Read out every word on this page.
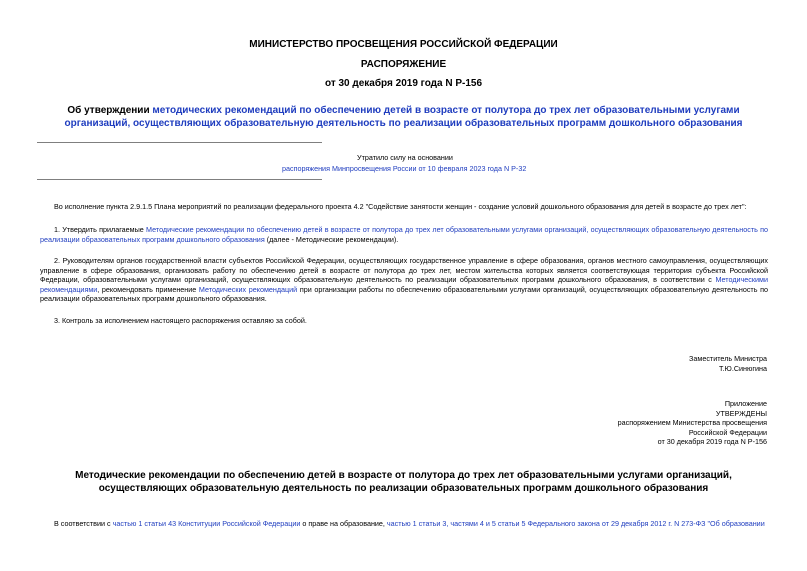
МИНИСТЕРСТВО ПРОСВЕЩЕНИЯ РОССИЙСКОЙ ФЕДЕРАЦИИ
РАСПОРЯЖЕНИЕ
от 30 декабря 2019 года N Р-156
Об утверждении методических рекомендаций по обеспечению детей в возрасте от полутора до трех лет образовательными услугами организаций, осуществляющих образовательную деятельность по реализации образовательных программ дошкольного образования
Утратило силу на основании
распоряжения Минпросвещения России от 10 февраля 2023 года N Р-32

Во исполнение пункта 2.9.1.5 Плана мероприятий по реализации федерального проекта 4.2 "Содействие занятости женщин - создание условий дошкольного образования для детей в возрасте до трех лет":

1. Утвердить прилагаемые Методические рекомендации по обеспечению детей в возрасте от полутора до трех лет образовательными услугами организаций, осуществляющих образовательную деятельность по реализации образовательных программ дошкольного образования (далее - Методические рекомендации).

2. Руководителям органов государственной власти субъектов Российской Федерации, осуществляющих государственное управление в сфере образования, органов местного самоуправления, осуществляющих управление в сфере образования, организовать работу по обеспечению детей в возрасте от полутора до трех лет, местом жительства которых является соответствующая территория субъекта Российской Федерации, образовательными услугами организаций, осуществляющих образовательную деятельность по реализации образовательных программ дошкольного образования, в соответствии с Методическими рекомендациями, рекомендовать применение Методических рекомендаций при организации работы по обеспечению образовательными услугами организаций, осуществляющих образовательную деятельность по реализации образовательных программ дошкольного образования.

3. Контроль за исполнением настоящего распоряжения оставляю за собой.

Заместитель Министра
Т.Ю.Синюгина
Приложение
УТВЕРЖДЕНЫ
распоряжением Министерства просвещения
Российской Федерации
от 30 декабря 2019 года N Р-156
Методические рекомендации по обеспечению детей в возрасте от полутора до трех лет образовательными услугами организаций, осуществляющих образовательную деятельность по реализации образовательных программ дошкольного образования

В соответствии с частью 1 статьи 43 Конституции Российской Федерации о праве на образование, частью 1 статьи 3, частями 4 и 5 статьи 5 Федерального закона от 29 декабря 2012 г. N 273-ФЗ "Об образовании
